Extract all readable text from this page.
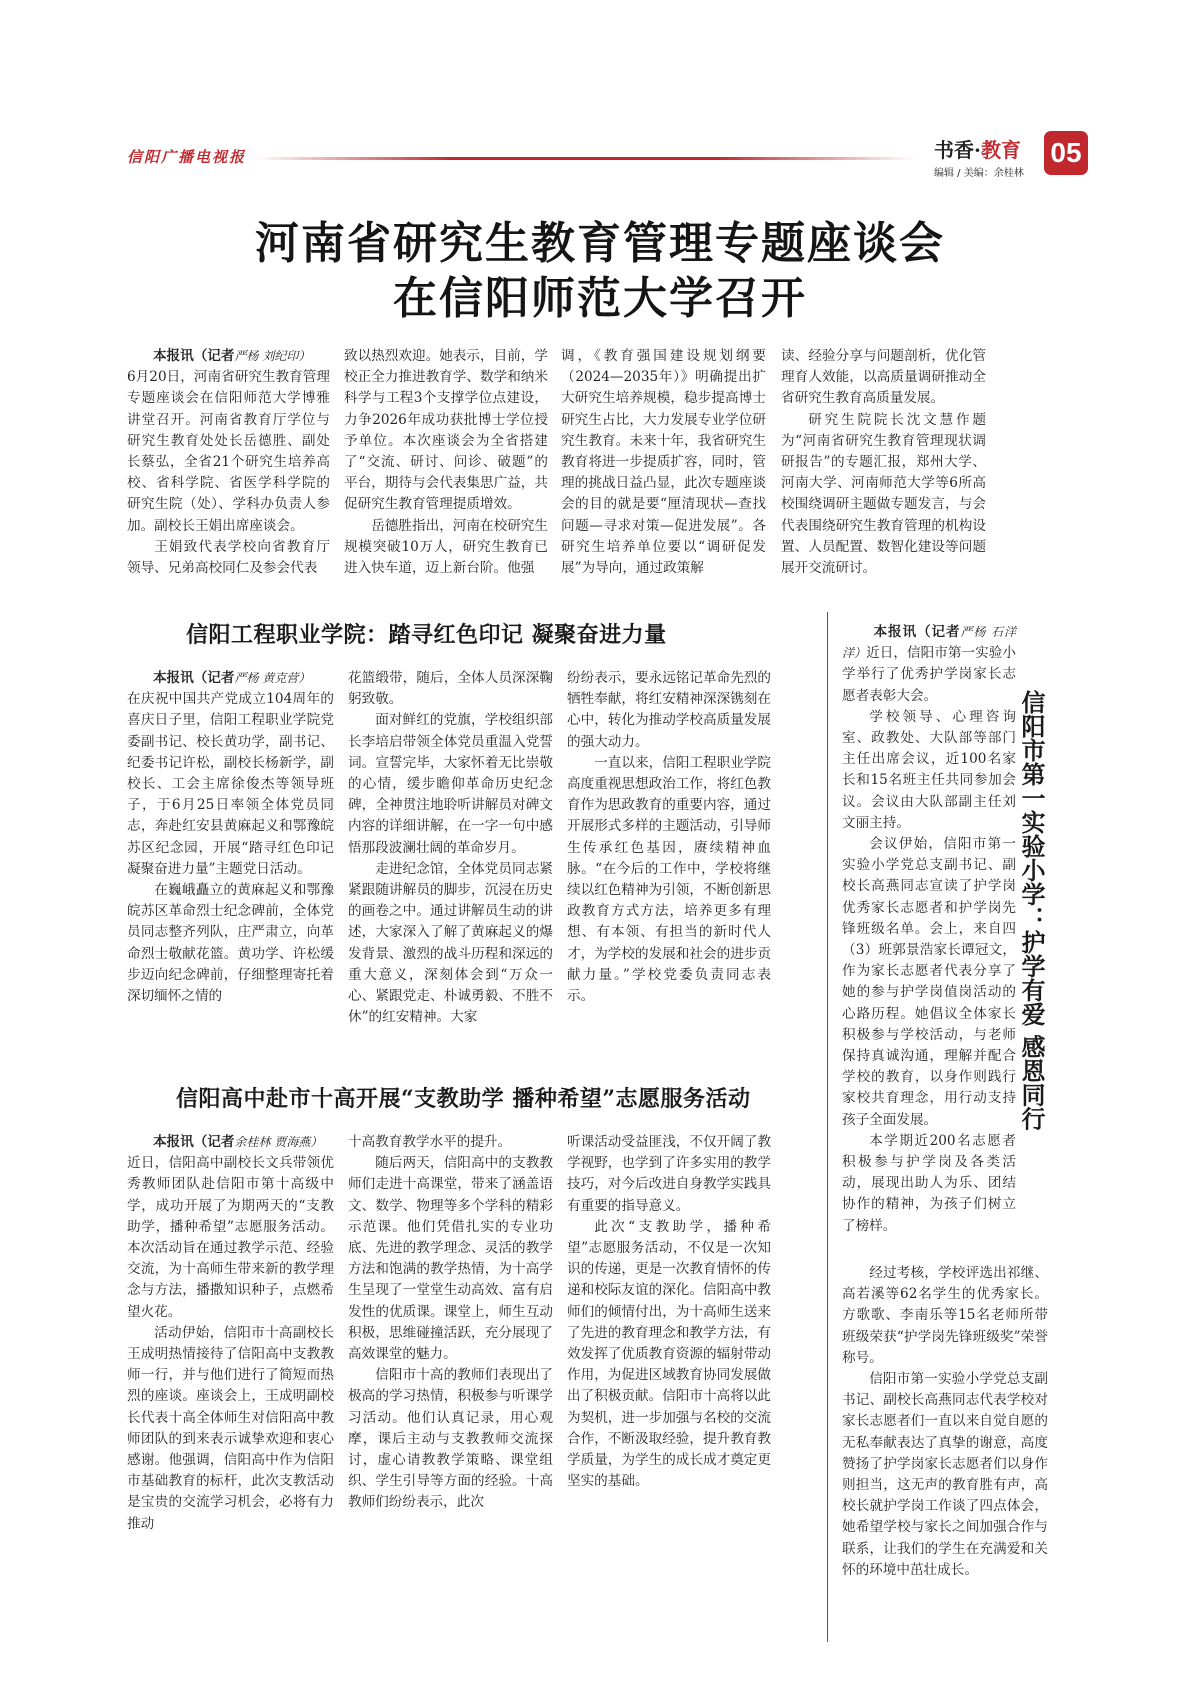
信阳广播电视报	书香·教育
编辑 / 美编：余桂林
05
河南省研究生教育管理专题座谈会
在信阳师范大学召开

本报讯（记者严杨 刘纪印）

6月20日，河南省研究生教育管理专题座谈会在信阳师范大学博雅讲堂召开。河南省教育厅学位与研究生教育处处长岳德胜、副处长蔡弘，全省21个研究生培养高校、省科学院、省医学科学院的研究生院（处）、学科办负责人参加。副校长王娟出席座谈会。

王娟致代表学校向省教育厅领导、兄弟高校同仁及参会代表

致以热烈欢迎。她表示，目前，学校正全力推进教育学、数学和纳米科学与工程3个支撑学位点建设，力争2026年成功获批博士学位授予单位。本次座谈会为全省搭建了“交流、研讨、问诊、破题”的平台，期待与会代表集思广益，共促研究生教育管理提质增效。

岳德胜指出，河南在校研究生规模突破10万人，研究生教育已进入快车道，迈上新台阶。他强

调，《教育强国建设规划纲要（2024—2035年）》明确提出扩大研究生培养规模，稳步提高博士研究生占比，大力发展专业学位研究生教育。未来十年，我省研究生教育将进一步提质扩容，同时，管理的挑战日益凸显，此次专题座谈会的目的就是要“厘清现状—查找问题—寻求对策—促进发展”。各研究生培养单位要以“调研促发展”为导向，通过政策解

读、经验分享与问题剖析，优化管理育人效能，以高质量调研推动全省研究生教育高质量发展。

研究生院院长沈文慧作题为“河南省研究生教育管理现状调研报告”的专题汇报，郑州大学、河南大学、河南师范大学等6所高校围绕调研主题做专题发言，与会代表围绕研究生教育管理的机构设置、人员配置、数智化建设等问题展开交流研讨。

信阳工程职业学院：踏寻红色印记 凝聚奋进力量

本报讯（记者严杨 黄克营）

在庆祝中国共产党成立104周年的喜庆日子里，信阳工程职业学院党委副书记、校长黄功学，副书记、纪委书记许松，副校长杨新学，副校长、工会主席徐俊杰等领导班子，于6月25日率领全体党员同志，奔赴红安县黄麻起义和鄂豫皖苏区纪念园，开展“踏寻红色印记 凝聚奋进力量”主题党日活动。

在巍峨矗立的黄麻起义和鄂豫皖苏区革命烈士纪念碑前，全体党员同志整齐列队，庄严肃立，向革命烈士敬献花篮。黄功学、许松缓步迈向纪念碑前，仔细整理寄托着深切缅怀之情的

花篮缎带，随后，全体人员深深鞠躬致敬。

面对鲜红的党旗，学校组织部长李培启带领全体党员重温入党誓词。宣誓完毕，大家怀着无比崇敬的心情，缓步瞻仰革命历史纪念碑，全神贯注地聆听讲解员对碑文内容的详细讲解，在一字一句中感悟那段波澜壮阔的革命岁月。

走进纪念馆，全体党员同志紧紧跟随讲解员的脚步，沉浸在历史的画卷之中。通过讲解员生动的讲述，大家深入了解了黄麻起义的爆发背景、激烈的战斗历程和深远的重大意义，深刻体会到“万众一心、紧跟党走、朴诚勇毅、不胜不休”的红安精神。大家

纷纷表示，要永远铭记革命先烈的牺牲奉献，将红安精神深深镌刻在心中，转化为推动学校高质量发展的强大动力。

一直以来，信阳工程职业学院高度重视思想政治工作，将红色教育作为思政教育的重要内容，通过开展形式多样的主题活动，引导师生传承红色基因，赓续精神血脉。“在今后的工作中，学校将继续以红色精神为引领，不断创新思政教育方式方法，培养更多有理想、有本领、有担当的新时代人才，为学校的发展和社会的进步贡献力量。”学校党委负责同志表示。

信阳高中赴市十高开展“支教助学 播种希望”志愿服务活动

本报讯（记者余桂林 贾海燕）

近日，信阳高中副校长文兵带领优秀教师团队赴信阳市第十高级中学，成功开展了为期两天的“支教助学，播种希望”志愿服务活动。本次活动旨在通过教学示范、经验交流，为十高师生带来新的教学理念与方法，播撒知识种子，点燃希望火花。

活动伊始，信阳市十高副校长王成明热情接待了信阳高中支教教师一行，并与他们进行了简短而热烈的座谈。座谈会上，王成明副校长代表十高全体师生对信阳高中教师团队的到来表示诚挚欢迎和衷心感谢。他强调，信阳高中作为信阳市基础教育的标杆，此次支教活动是宝贵的交流学习机会，必将有力推动

十高教育教学水平的提升。

随后两天，信阳高中的支教教师们走进十高课堂，带来了涵盖语文、数学、物理等多个学科的精彩示范课。他们凭借扎实的专业功底、先进的教学理念、灵活的教学方法和饱满的教学热情，为十高学生呈现了一堂堂生动高效、富有启发性的优质课。课堂上，师生互动积极，思维碰撞活跃，充分展现了高效课堂的魅力。

信阳市十高的教师们表现出了极高的学习热情，积极参与听课学习活动。他们认真记录，用心观摩，课后主动与支教教师交流探讨，虚心请教教学策略、课堂组织、学生引导等方面的经验。十高教师们纷纷表示，此次

听课活动受益匪浅，不仅开阔了教学视野，也学到了许多实用的教学技巧，对今后改进自身教学实践具有重要的指导意义。

此次“支教助学，播种希望”志愿服务活动，不仅是一次知识的传递，更是一次教育情怀的传递和校际友谊的深化。信阳高中教师们的倾情付出，为十高师生送来了先进的教育理念和教学方法，有效发挥了优质教育资源的辐射带动作用，为促进区域教育协同发展做出了积极贡献。信阳市十高将以此为契机，进一步加强与名校的交流合作，不断汲取经验，提升教育教学质量，为学生的成长成才奠定更坚实的基础。

信阳市第一实验小学：护学有爱 感恩同行

本报讯（记者严杨 石洋洋）近日，信阳市第一实验小学举行了优秀护学岗家长志愿者表彰大会。

学校领导、心理咨询室、政教处、大队部等部门主任出席会议，近100名家长和15名班主任共同参加会议。会议由大队部副主任刘文丽主持。

会议伊始，信阳市第一实验小学党总支副书记、副校长高燕同志宣读了护学岗优秀家长志愿者和护学岗先锋班级名单。会上，来自四（3）班郭景浩家长谭冠文，作为家长志愿者代表分享了她的参与护学岗值岗活动的心路历程。她倡议全体家长积极参与学校活动，与老师保持真诚沟通，理解并配合学校的教育，以身作则践行家校共育理念，用行动支持孩子全面发展。

本学期近200名志愿者积极参与护学岗及各类活动，展现出助人为乐、团结协作的精神，为孩子们树立了榜样。

经过考核，学校评选出祁继、高若溪等62名学生的优秀家长。方歌歌、李南乐等15名老师所带班级荣获“护学岗先锋班级奖”荣誉称号。

信阳市第一实验小学党总支副书记、副校长高燕同志代表学校对家长志愿者们一直以来自觉自愿的无私奉献表达了真挚的谢意，高度赞扬了护学岗家长志愿者们以身作则担当，这无声的教育胜有声，高校长就护学岗工作谈了四点体会，她希望学校与家长之间加强合作与联系，让我们的学生在充满爱和关怀的环境中茁壮成长。
